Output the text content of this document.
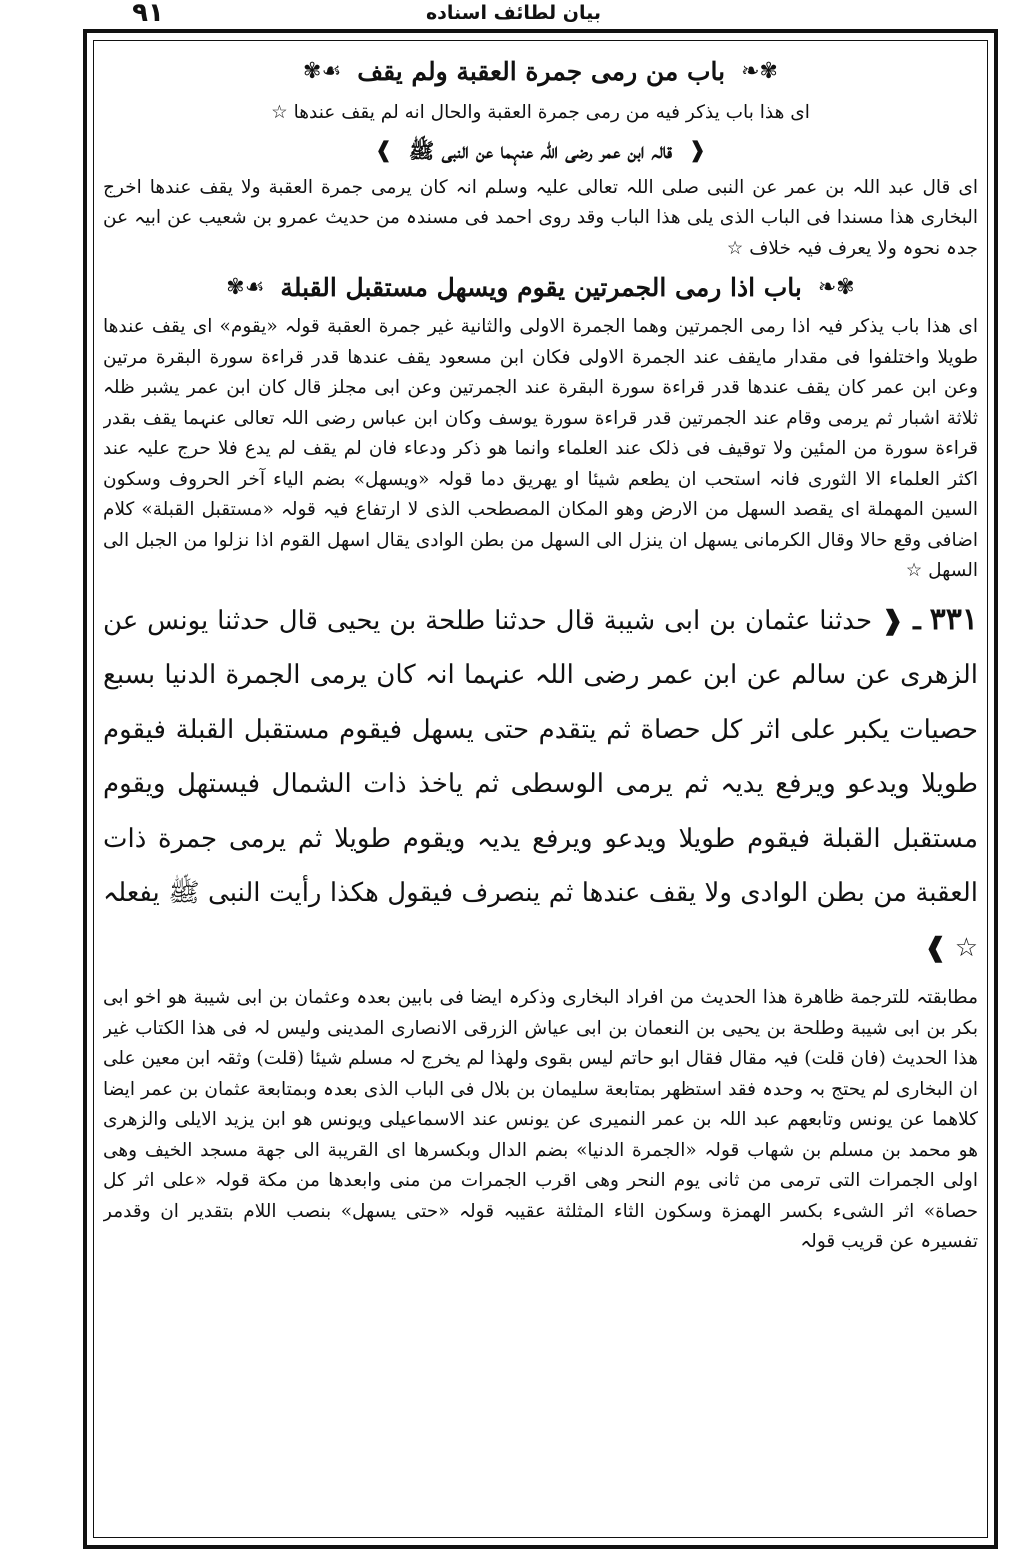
٩١	بیان لطائف اسناده
✾❧
باب من رمى جمرة العقبة ولم يقف
☙✾

ای هذا باب یذکر فیه من رمی جمرة العقبة والحال انه لم یقف عندها ☆

❰
قالہ ابن عمر رضی اللہ عنہما عن النبی ﷺ
❱

ای قال عبد اللہ بن عمر عن النبی صلی اللہ تعالی علیہ وسلم انہ کان یرمی جمرة العقبة ولا یقف عندها اخرج البخاری ھذا مسندا فی الباب الذی یلی ھذا الباب وقد روی احمد فی مسندہ من حدیث عمرو بن شعیب عن ابیہ عن جدہ نحوہ ولا یعرف فیہ خلاف ☆

✾❧
باب اذا رمى الجمرتين يقوم ويسهل مستقبل القبلة
☙✾

ای ھذا باب یذکر فیہ اذا رمی الجمرتین وهما الجمرة الاولی والثانیة غیر جمرة العقبة قولہ «یقوم» ای یقف عندها طویلا واختلفوا فی مقدار مایقف عند الجمرة الاولی فکان ابن مسعود یقف عندها قدر قراءة سورة البقرة مرتین وعن ابن عمر کان یقف عندها قدر قراءة سورة البقرة عند الجمرتین وعن ابی مجلز قال کان ابن عمر یشبر ظلہ ثلاثة اشبار ثم یرمی وقام عند الجمرتین قدر قراءة سورة یوسف وکان ابن عباس رضی اللہ تعالی عنہما یقف بقدر قراءة سورة من المئین ولا توقیف فی ذلک عند العلماء وانما هو ذکر ودعاء فان لم یقف لم یدع فلا حرج علیہ عند اکثر العلماء الا الثوری فانہ استحب ان یطعم شیئا او یهریق دما قولہ «ویسهل» بضم الیاء آخر الحروف وسکون السین المهملة ای یقصد السهل من الارض وهو المکان المصطحب الذی لا ارتفاع فیہ قولہ «مستقبل القبلة» کلام اضافی وقع حالا وقال الکرمانی یسهل ان ینزل الی السهل من بطن الوادی یقال اسهل القوم اذا نزلوا من الجبل الی السهل ☆

٣٣١ ـ ❰ حدثنا عثمان بن ابی شیبة قال حدثنا طلحة بن یحیی قال حدثنا یونس عن الزهری عن سالم عن ابن عمر رضی اللہ عنہما انہ کان یرمی الجمرة الدنیا بسبع حصیات یکبر علی اثر کل حصاة ثم یتقدم حتی یسهل فیقوم مستقبل القبلة فیقوم طویلا ویدعو ویرفع یدیہ ثم یرمی الوسطی ثم یاخذ ذات الشمال فیستهل ویقوم مستقبل القبلة فیقوم طویلا ویدعو ویرفع یدیہ ویقوم طویلا ثم یرمی جمرة ذات العقبة من بطن الوادی ولا یقف عندها ثم ینصرف فیقول ھکذا رأیت النبی ﷺ یفعلہ ☆ ❱

مطابقتہ للترجمة ظاهرة ھذا الحدیث من افراد البخاری وذکرہ ایضا فی بابین بعدہ وعثمان بن ابی شیبة هو اخو ابی بکر بن ابی شیبة وطلحة بن یحیی بن النعمان بن ابی عیاش الزرقی الانصاری المدینی ولیس لہ فی ھذا الکتاب غیر ھذا الحدیث (فان قلت) فیہ مقال فقال ابو حاتم لیس بقوی ولهذا لم یخرج لہ مسلم شیئا (قلت) وثقہ ابن معین علی ان البخاری لم یحتج بہ وحدہ فقد استظهر بمتابعة سلیمان بن بلال فی الباب الذی بعدہ وبمتابعة عثمان بن عمر ایضا کلاهما عن یونس وتابعهم عبد اللہ بن عمر النمیری عن یونس عند الاسماعیلی ویونس هو ابن یزید الایلی والزهری هو محمد بن مسلم بن شهاب قولہ «الجمرة الدنیا» بضم الدال وبکسرها ای القریبة الی جهة مسجد الخیف وهی اولی الجمرات التی ترمی من ثانی یوم النحر وهی اقرب الجمرات من منی وابعدها من مکة قولہ «علی اثر کل حصاة» اثر الشیء بکسر الهمزة وسکون الثاء المثلثة عقیبہ قولہ «حتی یسهل» بنصب اللام بتقدیر ان وقدمر تفسیرہ عن قریب قولہ
